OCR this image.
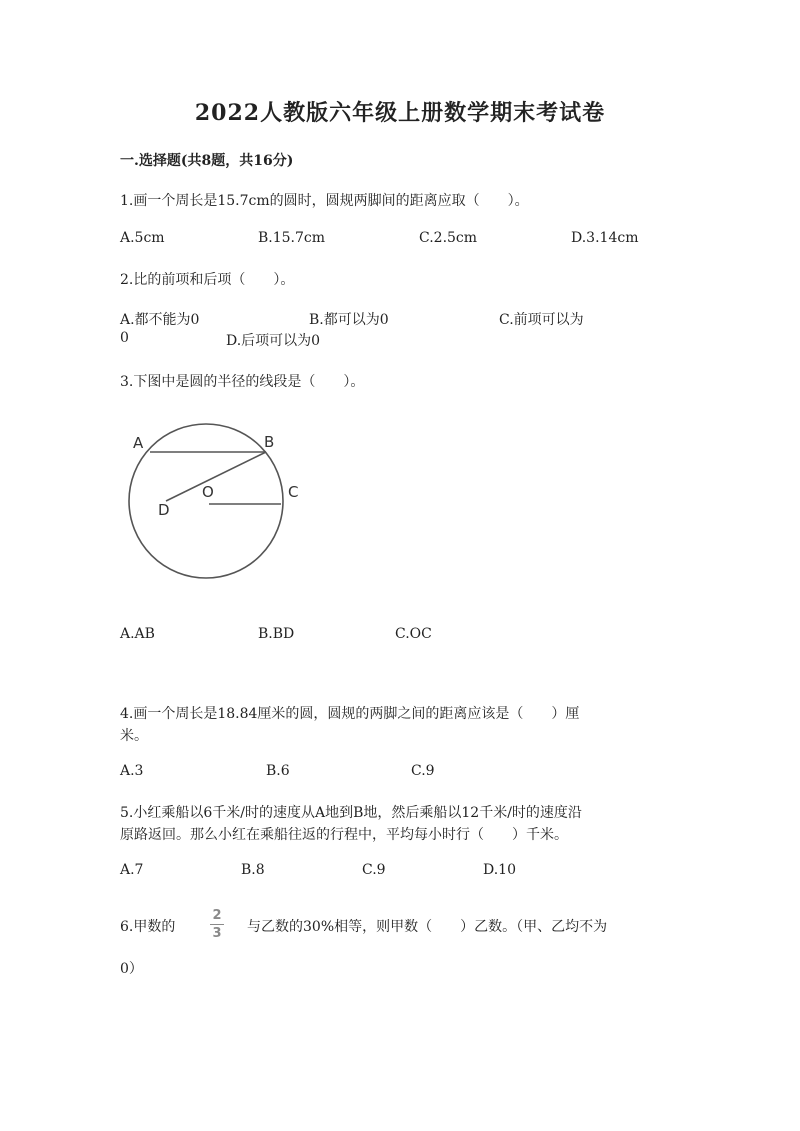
2022人教版六年级上册数学期末考试卷
一.选择题(共8题，共16分)
1.画一个周长是15.7cm的圆时，圆规两脚间的距离应取（　　）。
A.5cm	B.15.7cm	C.2.5cm	D.3.14cm
2.比的前项和后项（　　）。
A.都不能为0	B.都可以为0	C.前项可以为
0	D.后项可以为0
3.下图中是圆的半径的线段是（　　）。
A	B
O	C
D
A.AB	B.BD	C.OC
4.画一个周长是18.84厘米的圆，圆规的两脚之间的距离应该是（　　）厘
米。
A.3	B.6	C.9
5.小红乘船以6千米/时的速度从A地到B地，然后乘船以12千米/时的速度沿
原路返回。那么小红在乘船往返的行程中，平均每小时行（　　）千米。
A.7	B.8	C.9	D.10
6.甲数的
2
3 与乙数的30%相等，则甲数（　　）乙数。（甲、乙均不为
0）
